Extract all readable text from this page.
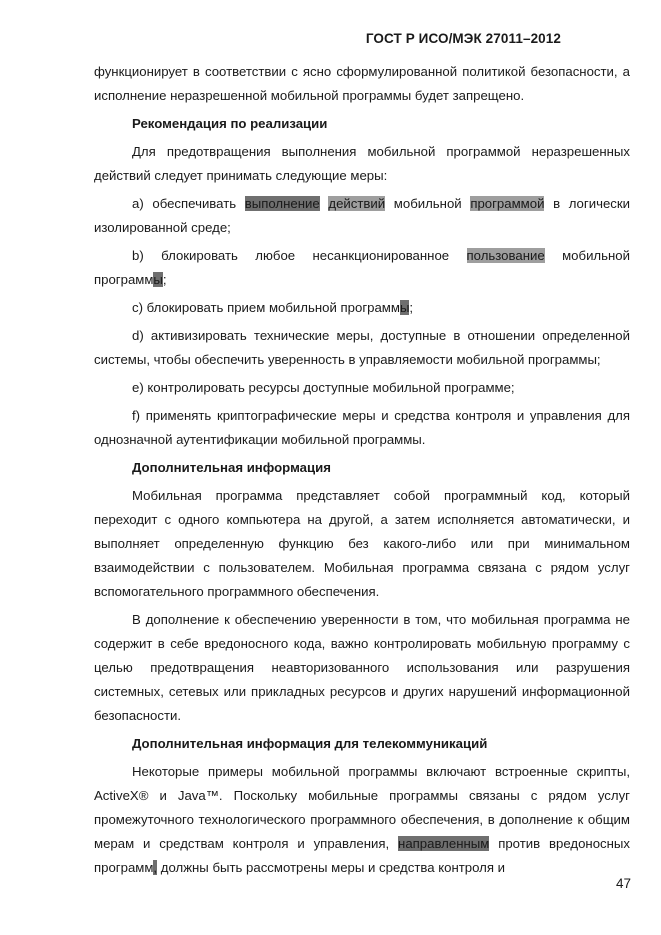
ГОСТ Р ИСО/МЭК 27011–2012

функционирует в соответствии с ясно сформулированной политикой безопасности, а исполнение неразрешенной мобильной программы будет запрещено.

Рекомендация по реализации

Для предотвращения выполнения мобильной программой неразрешенных действий следует принимать следующие меры:

a) обеспечивать выполнение действий мобильной программой в логически изолированной среде;

b) блокировать любое несанкционированное пользование мобильной программы;

c) блокировать прием мобильной программы;

d) активизировать технические меры, доступные в отношении определенной системы, чтобы обеспечить уверенность в управляемости мобильной программы;

e) контролировать ресурсы доступные мобильной программе;

f) применять криптографические меры и средства контроля и управления для однозначной аутентификации мобильной программы.

Дополнительная информация

Мобильная программа представляет собой программный код, который переходит с одного компьютера на другой, а затем исполняется автоматически, и выполняет определенную функцию без какого-либо или при минимальном взаимодействии с пользователем. Мобильная программа связана с рядом услуг вспомогательного программного обеспечения.

В дополнение к обеспечению уверенности в том, что мобильная программа не содержит в себе вредоносного кода, важно контролировать мобильную программу с целью предотвращения неавторизованного использования или разрушения системных, сетевых или прикладных ресурсов и других нарушений информационной безопасности.

Дополнительная информация для телекоммуникаций

Некоторые примеры мобильной программы включают встроенные скрипты, ActiveX® и Java™. Поскольку мобильные программы связаны с рядом услуг промежуточного технологического программного обеспечения, в дополнение к общим мерам и средствам контроля и управления, направленным против вредоносных программ, должны быть рассмотрены меры и средства контроля и

47
